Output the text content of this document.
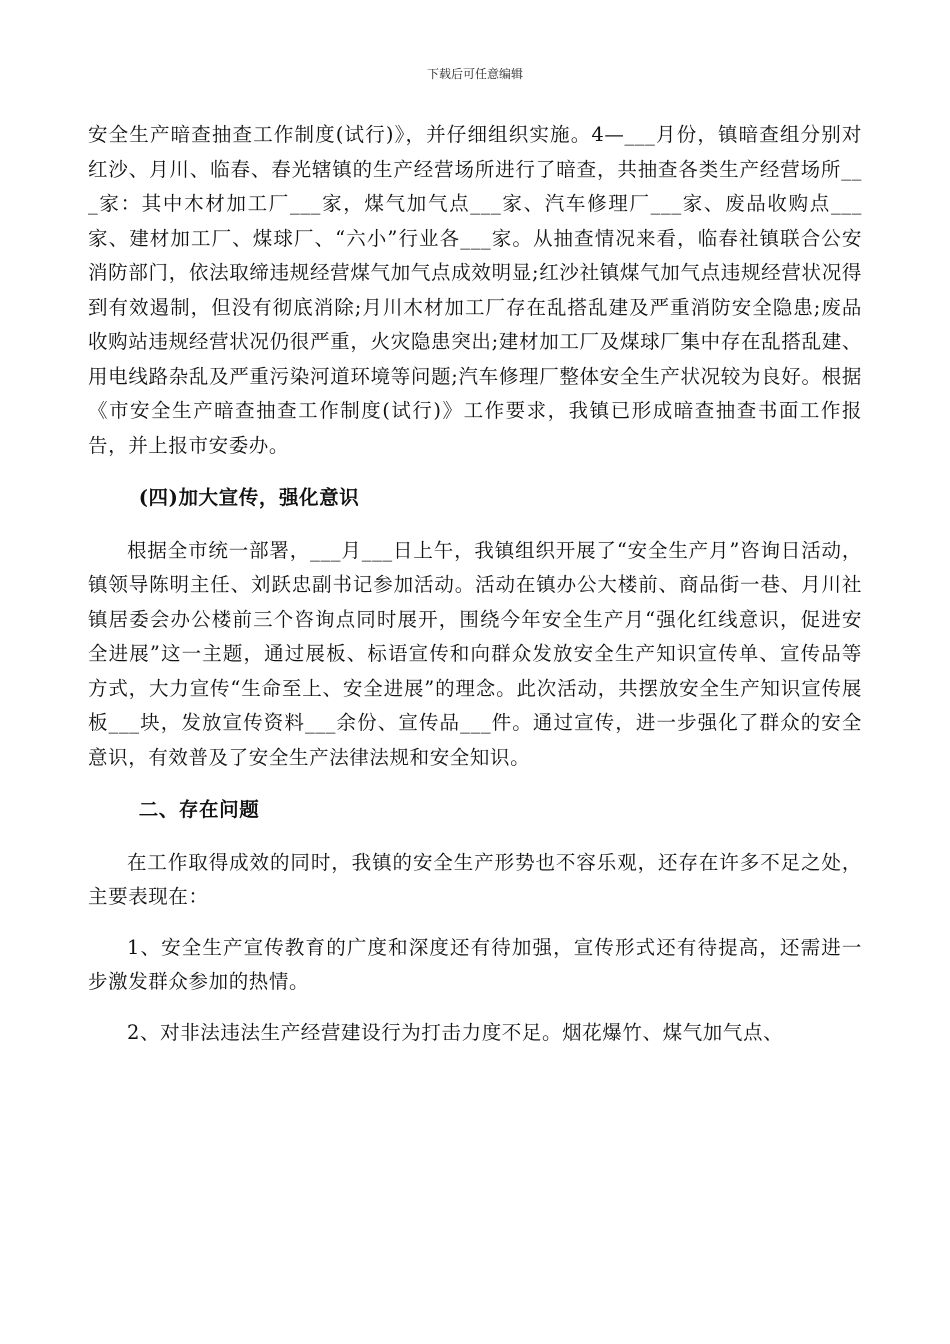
下载后可任意编辑

安全生产暗查抽查工作制度(试行)》，并仔细组织实施。4—___月份，镇暗查组分别对红沙、月川、临春、春光辖镇的生产经营场所进行了暗查，共抽查各类生产经营场所___家：其中木材加工厂___家，煤气加气点___家、汽车修理厂___家、废品收购点___家、建材加工厂、煤球厂、“六小”行业各___家。从抽查情况来看，临春社镇联合公安消防部门，依法取缔违规经营煤气加气点成效明显;红沙社镇煤气加气点违规经营状况得到有效遏制，但没有彻底消除;月川木材加工厂存在乱搭乱建及严重消防安全隐患;废品收购站违规经营状况仍很严重，火灾隐患突出;建材加工厂及煤球厂集中存在乱搭乱建、用电线路杂乱及严重污染河道环境等问题;汽车修理厂整体安全生产状况较为良好。根据《市安全生产暗查抽查工作制度(试行)》工作要求，我镇已形成暗查抽查书面工作报告，并上报市安委办。

(四)加大宣传，强化意识

根据全市统一部署，___月___日上午，我镇组织开展了“安全生产月”咨询日活动，镇领导陈明主任、刘跃忠副书记参加活动。活动在镇办公大楼前、商品街一巷、月川社镇居委会办公楼前三个咨询点同时展开，围绕今年安全生产月“强化红线意识，促进安全进展”这一主题，通过展板、标语宣传和向群众发放安全生产知识宣传单、宣传品等方式，大力宣传“生命至上、安全进展”的理念。此次活动，共摆放安全生产知识宣传展板___块，发放宣传资料___余份、宣传品___件。通过宣传，进一步强化了群众的安全意识，有效普及了安全生产法律法规和安全知识。

二、存在问题

在工作取得成效的同时，我镇的安全生产形势也不容乐观，还存在许多不足之处，主要表现在：

1、安全生产宣传教育的广度和深度还有待加强，宣传形式还有待提高，还需进一步激发群众参加的热情。

2、对非法违法生产经营建设行为打击力度不足。烟花爆竹、煤气加气点、
